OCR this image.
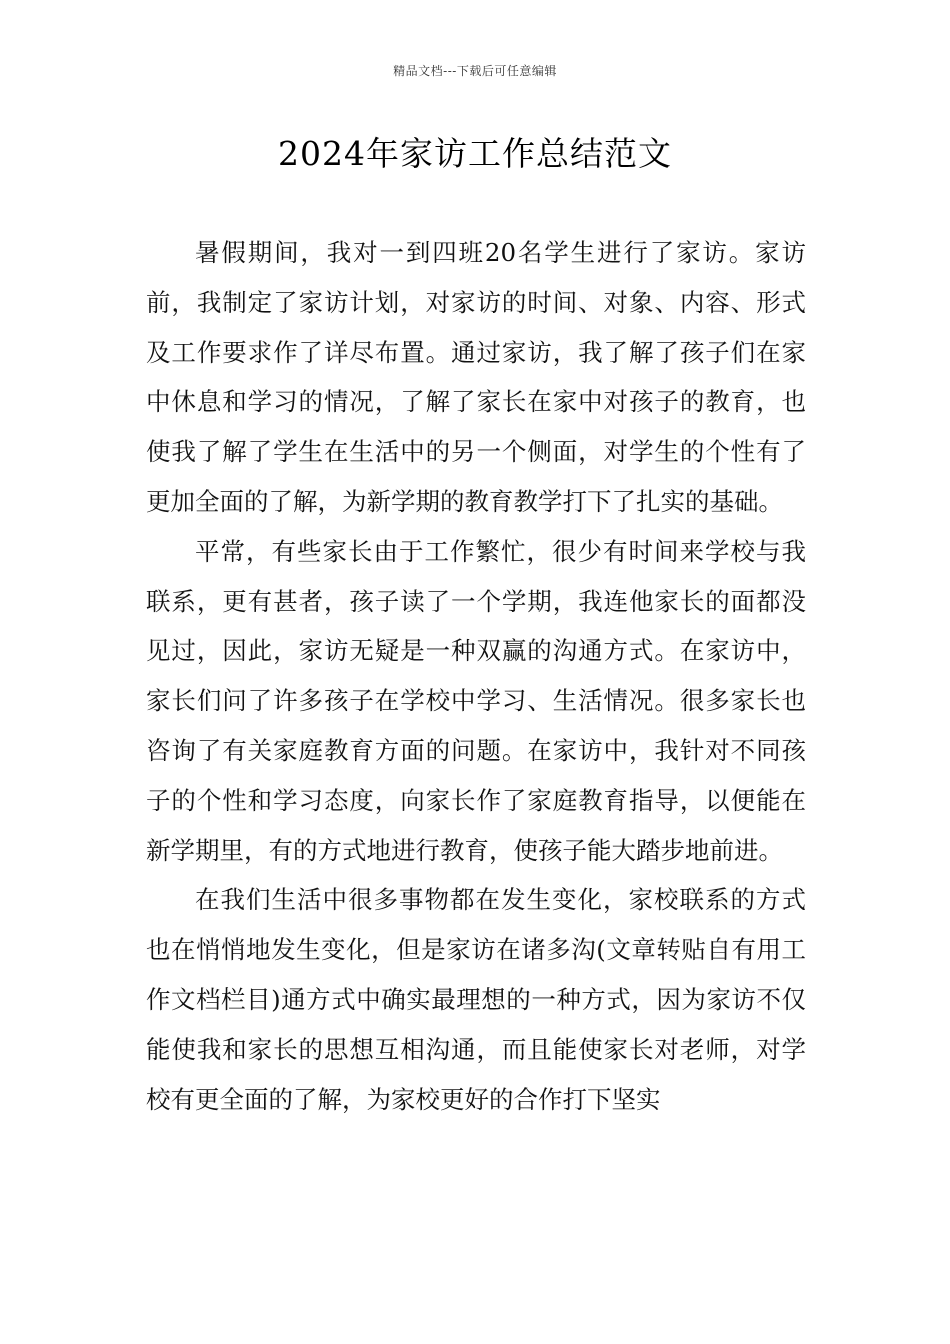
精品文档---下载后可任意编辑
2024年家访工作总结范文

暑假期间，我对一到四班20名学生进行了家访。家访前，我制定了家访计划，对家访的时间、对象、内容、形式及工作要求作了详尽布置。通过家访，我了解了孩子们在家中休息和学习的情况，了解了家长在家中对孩子的教育，也使我了解了学生在生活中的另一个侧面，对学生的个性有了更加全面的了解，为新学期的教育教学打下了扎实的基础。

平常，有些家长由于工作繁忙，很少有时间来学校与我联系，更有甚者，孩子读了一个学期，我连他家长的面都没见过，因此，家访无疑是一种双赢的沟通方式。在家访中，家长们问了许多孩子在学校中学习、生活情况。很多家长也咨询了有关家庭教育方面的问题。在家访中，我针对不同孩子的个性和学习态度，向家长作了家庭教育指导，以便能在新学期里，有的方式地进行教育，使孩子能大踏步地前进。

在我们生活中很多事物都在发生变化，家校联系的方式也在悄悄地发生变化，但是家访在诸多沟(文章转贴自有用工作文档栏目)通方式中确实最理想的一种方式，因为家访不仅能使我和家长的思想互相沟通，而且能使家长对老师，对学校有更全面的了解，为家校更好的合作打下坚实
